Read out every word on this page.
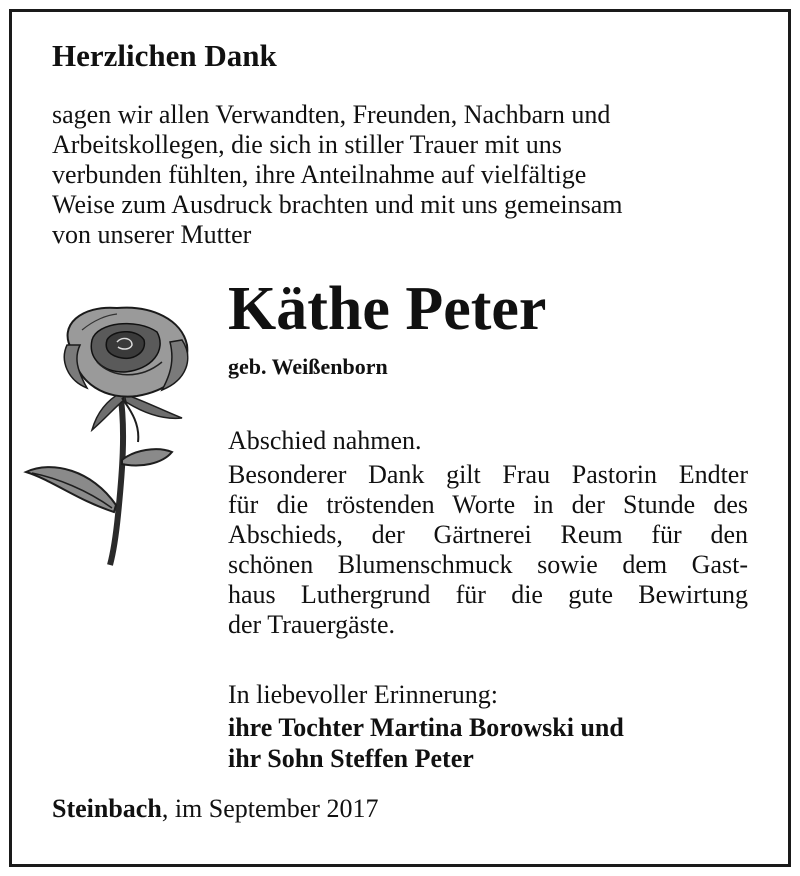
Herzlichen Dank
sagen wir allen Verwandten, Freunden, Nachbarn und
Arbeitskollegen, die sich in stiller Trauer mit uns
verbunden fühlten, ihre Anteilnahme auf vielfältige
Weise zum Ausdruck brachten und mit uns gemeinsam
von unserer Mutter
Käthe Peter
geb. Weißenborn
Abschied nahmen.
Besonderer Dank gilt Frau Pastorin Endter
für die tröstenden Worte in der Stunde des
Abschieds, der Gärtnerei Reum für den
schönen Blumenschmuck sowie dem Gast-
haus Luthergrund für die gute Bewirtung
der Trauergäste.
In liebevoller Erinnerung:
ihre Tochter Martina Borowski und
ihr Sohn Steffen Peter
Steinbach, im September 2017
